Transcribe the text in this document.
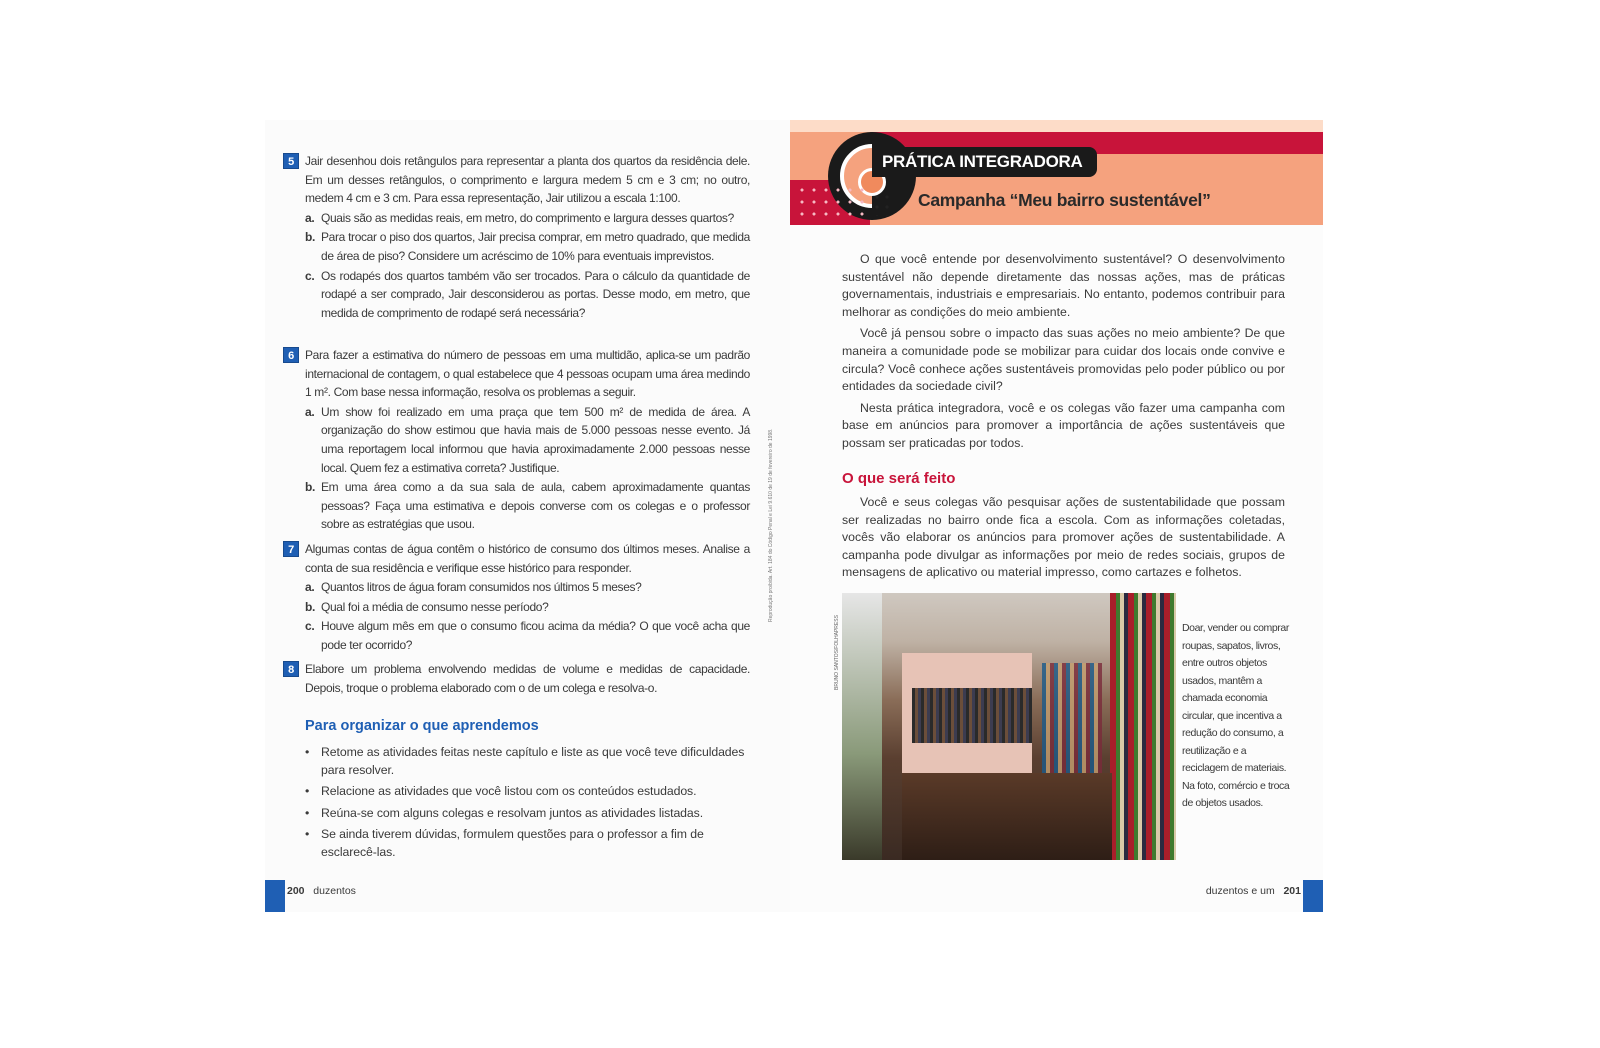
5 Jair desenhou dois retângulos para representar a planta dos quartos da residência dele. Em um desses retângulos, o comprimento e largura medem 5 cm e 3 cm; no outro, medem 4 cm e 3 cm. Para essa representação, Jair utilizou a escala 1:100.
a. Quais são as medidas reais, em metro, do comprimento e largura desses quartos?
b. Para trocar o piso dos quartos, Jair precisa comprar, em metro quadrado, que medida de área de piso? Considere um acréscimo de 10% para eventuais imprevistos.
c. Os rodapés dos quartos também vão ser trocados. Para o cálculo da quantidade de rodapé a ser comprado, Jair desconsiderou as portas. Desse modo, em metro, que medida de comprimento de rodapé será necessária?
6 Para fazer a estimativa do número de pessoas em uma multidão, aplica-se um padrão internacional de contagem, o qual estabelece que 4 pessoas ocupam uma área medindo 1 m². Com base nessa informação, resolva os problemas a seguir.
a. Um show foi realizado em uma praça que tem 500 m² de medida de área. A organização do show estimou que havia mais de 5.000 pessoas nesse evento. Já uma reportagem local informou que havia aproximadamente 2.000 pessoas nesse local. Quem fez a estimativa correta? Justifique.
b. Em uma área como a da sua sala de aula, cabem aproximadamente quantas pessoas? Faça uma estimativa e depois converse com os colegas e o professor sobre as estratégias que usou.
7 Algumas contas de água contêm o histórico de consumo dos últimos meses. Analise a conta de sua residência e verifique esse histórico para responder.
a. Quantos litros de água foram consumidos nos últimos 5 meses?
b. Qual foi a média de consumo nesse período?
c. Houve algum mês em que o consumo ficou acima da média? O que você acha que pode ter ocorrido?
8 Elabore um problema envolvendo medidas de volume e medidas de capacidade. Depois, troque o problema elaborado com o de um colega e resolva-o.
Para organizar o que aprendemos
• Retome as atividades feitas neste capítulo e liste as que você teve dificuldades para resolver.
• Relacione as atividades que você listou com os conteúdos estudados.
• Reúna-se com alguns colegas e resolvam juntos as atividades listadas.
• Se ainda tiverem dúvidas, formulem questões para o professor a fim de esclarecê-las.
200 duzentos
Reprodução proibida. Art. 184 do Código Penal e Lei 9.610 de 19 de fevereiro de 1998.
PRÁTICA INTEGRADORA
Campanha “Meu bairro sustentável”

O que você entende por desenvolvimento sustentável? O desenvolvimento sustentável não depende diretamente das nossas ações, mas de práticas governamentais, industriais e empresariais. No entanto, podemos contribuir para melhorar as condições do meio ambiente.

Você já pensou sobre o impacto das suas ações no meio ambiente? De que maneira a comunidade pode se mobilizar para cuidar dos locais onde convive e circula? Você conhece ações sustentáveis promovidas pelo poder público ou por entidades da sociedade civil?

Nesta prática integradora, você e os colegas vão fazer uma campanha com base em anúncios para promover a importância de ações sustentáveis que possam ser praticadas por todos.

O que será feito

Você e seus colegas vão pesquisar ações de sustentabilidade que possam ser realizadas no bairro onde fica a escola. Com as informações coletadas, vocês vão elaborar os anúncios para promover ações de sustentabilidade. A campanha pode divulgar as informações por meio de redes sociais, grupos de mensagens de aplicativo ou material impresso, como cartazes e folhetos.

BRUNO SANTOS/FOLHAPRESS	Doar, vender ou comprar roupas, sapatos, livros, entre outros objetos usados, mantêm a chamada economia circular, que incentiva a redução do consumo, a reutilização e a reciclagem de materiais. Na foto, comércio e troca de objetos usados.
duzentos e um 201
